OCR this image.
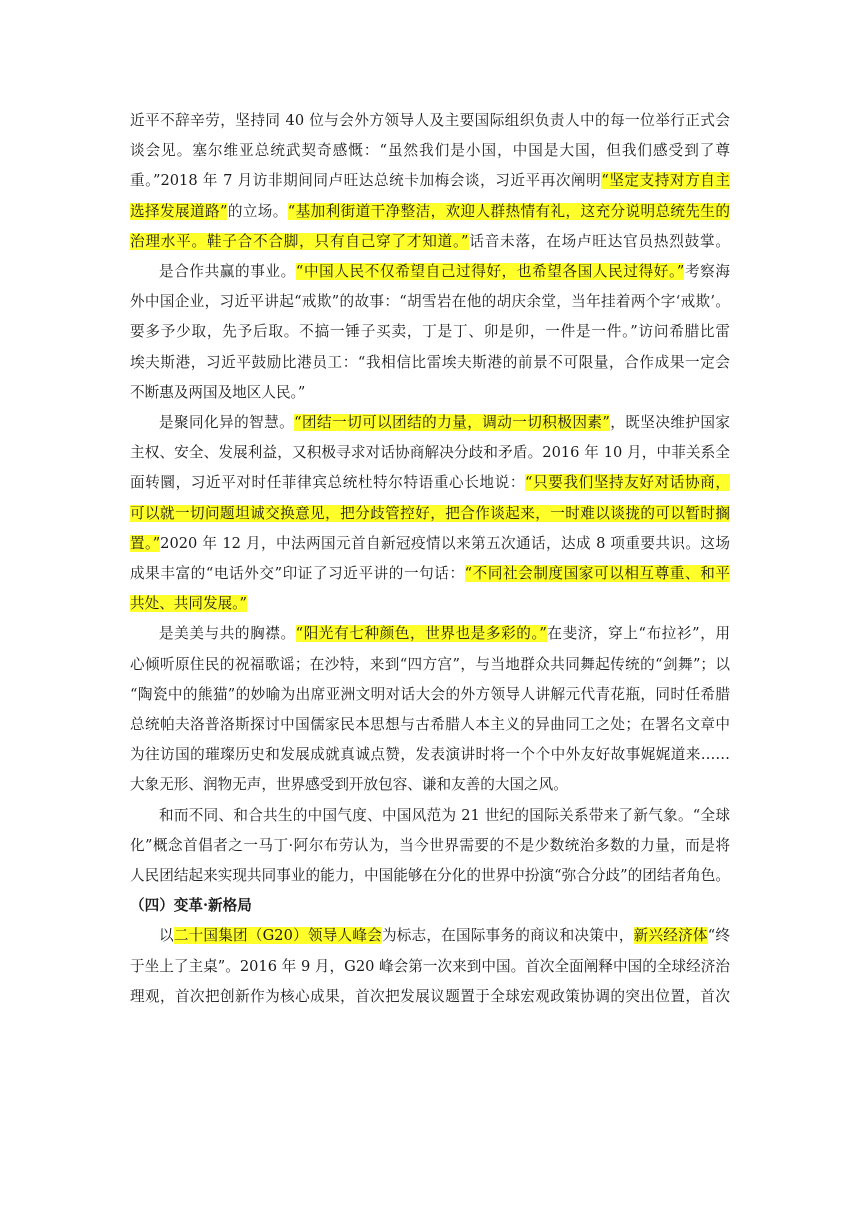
近平不辞辛劳，坚持同 40 位与会外方领导人及主要国际组织负责人中的每一位举行正式会
谈会见。塞尔维亚总统武契奇感慨：“虽然我们是小国，中国是大国，但我们感受到了尊
重。”2018 年 7 月访非期间同卢旺达总统卡加梅会谈，习近平再次阐明“坚定支持对方自主
选择发展道路”的立场。“基加利街道干净整洁，欢迎人群热情有礼，这充分说明总统先生的
治理水平。鞋子合不合脚，只有自己穿了才知道。”话音未落，在场卢旺达官员热烈鼓掌。
是合作共赢的事业。“中国人民不仅希望自己过得好，也希望各国人民过得好。”考察海
外中国企业，习近平讲起“戒欺”的故事：“胡雪岩在他的胡庆余堂，当年挂着两个字‘戒欺’。
要多予少取，先予后取。不搞一锤子买卖，丁是丁、卯是卯，一件是一件。”访问希腊比雷
埃夫斯港，习近平鼓励比港员工：“我相信比雷埃夫斯港的前景不可限量，合作成果一定会
不断惠及两国及地区人民。”
是聚同化异的智慧。“团结一切可以团结的力量，调动一切积极因素”，既坚决维护国家
主权、安全、发展利益，又积极寻求对话协商解决分歧和矛盾。2016 年 10 月，中菲关系全
面转圜，习近平对时任菲律宾总统杜特尔特语重心长地说：“只要我们坚持友好对话协商，
可以就一切问题坦诚交换意见，把分歧管控好，把合作谈起来，一时难以谈拢的可以暂时搁
置。”2020 年 12 月，中法两国元首自新冠疫情以来第五次通话，达成 8 项重要共识。这场
成果丰富的“电话外交”印证了习近平讲的一句话：“不同社会制度国家可以相互尊重、和平
共处、共同发展。”
是美美与共的胸襟。“阳光有七种颜色，世界也是多彩的。”在斐济，穿上“布拉衫”，用
心倾听原住民的祝福歌谣；在沙特，来到“四方宫”，与当地群众共同舞起传统的“剑舞”；以
“陶瓷中的熊猫”的妙喻为出席亚洲文明对话大会的外方领导人讲解元代青花瓶，同时任希腊
总统帕夫洛普洛斯探讨中国儒家民本思想与古希腊人本主义的异曲同工之处；在署名文章中
为往访国的璀璨历史和发展成就真诚点赞，发表演讲时将一个个中外友好故事娓娓道来……
大象无形、润物无声，世界感受到开放包容、谦和友善的大国之风。
和而不同、和合共生的中国气度、中国风范为 21 世纪的国际关系带来了新气象。“全球
化”概念首倡者之一马丁·阿尔布劳认为，当今世界需要的不是少数统治多数的力量，而是将
人民团结起来实现共同事业的能力，中国能够在分化的世界中扮演“弥合分歧”的团结者角色。
（四）变革·新格局
以二十国集团（G20）领导人峰会为标志，在国际事务的商议和决策中，新兴经济体“终
于坐上了主桌”。2016 年 9 月，G20 峰会第一次来到中国。首次全面阐释中国的全球经济治
理观，首次把创新作为核心成果，首次把发展议题置于全球宏观政策协调的突出位置，首次
